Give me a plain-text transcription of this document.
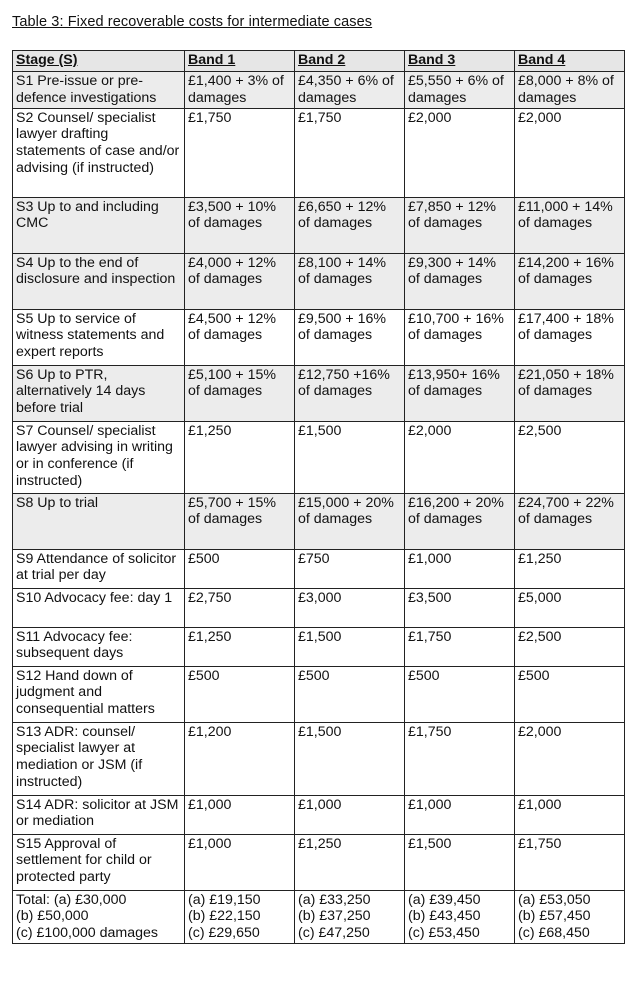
Table 3: Fixed recoverable costs for intermediate cases
Stage (S)	Band 1	Band 2	Band 3	Band 4
S1 Pre-issue or pre-defence investigations	£1,400 + 3% of damages	£4,350 + 6% of damages	£5,550 + 6% of damages	£8,000 + 8% of damages
S2 Counsel/ specialist lawyer drafting statements of case and/or advising (if instructed)	£1,750	£1,750	£2,000	£2,000
S3 Up to and including CMC	£3,500 + 10% of damages	£6,650 + 12% of damages	£7,850 + 12% of damages	£11,000 + 14% of damages
S4 Up to the end of disclosure and inspection	£4,000 + 12% of damages	£8,100 + 14% of damages	£9,300 + 14% of damages	£14,200 + 16% of damages
S5 Up to service of witness statements and expert reports	£4,500 + 12% of damages	£9,500 + 16% of damages	£10,700 + 16% of damages	£17,400 + 18% of damages
S6 Up to PTR, alternatively 14 days before trial	£5,100 + 15% of damages	£12,750 +16% of damages	£13,950+ 16% of damages	£21,050 + 18% of damages
S7 Counsel/ specialist lawyer advising in writing or in conference (if instructed)	£1,250	£1,500	£2,000	£2,500
S8 Up to trial	£5,700 + 15% of damages	£15,000 + 20% of damages	£16,200 + 20% of damages	£24,700 + 22% of damages
S9 Attendance of solicitor at trial per day	£500	£750	£1,000	£1,250
S10 Advocacy fee: day 1	£2,750	£3,000	£3,500	£5,000
S11 Advocacy fee: subsequent days	£1,250	£1,500	£1,750	£2,500
S12 Hand down of judgment and consequential matters	£500	£500	£500	£500
S13 ADR: counsel/ specialist lawyer at mediation or JSM (if instructed)	£1,200	£1,500	£1,750	£2,000
S14 ADR: solicitor at JSM or mediation	£1,000	£1,000	£1,000	£1,000
S15 Approval of settlement for child or protected party	£1,000	£1,250	£1,500	£1,750

Total: (a) £30,000
(b) £50,000
(c) £100,000 damages	(a) £19,150
(b) £22,150
(c) £29,650	(a) £33,250
(b) £37,250
(c) £47,250	(a) £39,450
(b) £43,450
(c) £53,450	(a) £53,050
(b) £57,450
(c) £68,450
